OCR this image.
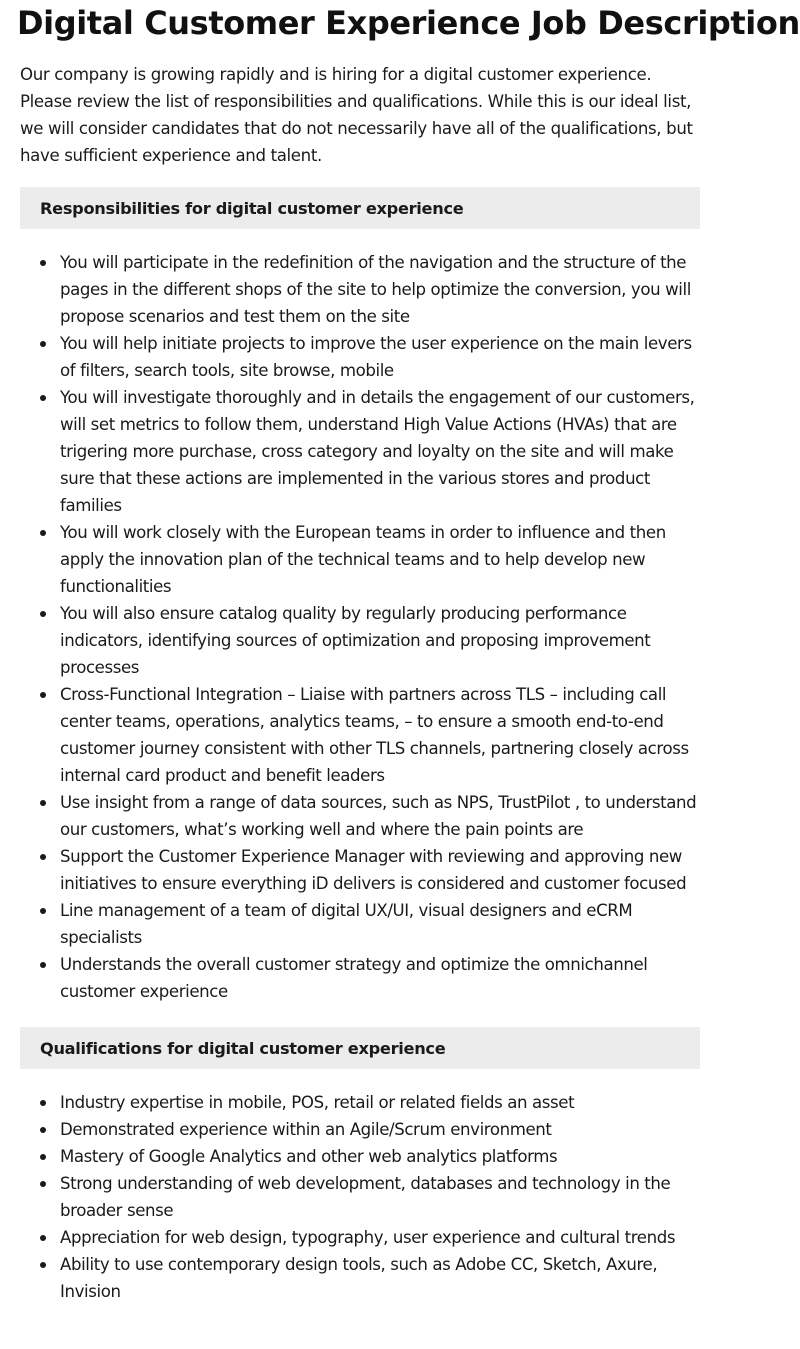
Digital Customer Experience Job Description

Our company is growing rapidly and is hiring for a digital customer experience. Please review the list of responsibilities and qualifications. While this is our ideal list, we will consider candidates that do not necessarily have all of the qualifications, but have sufficient experience and talent.

Responsibilities for digital customer experience
You will participate in the redefinition of the navigation and the structure of the pages in the different shops of the site to help optimize the conversion, you will propose scenarios and test them on the site
You will help initiate projects to improve the user experience on the main levers of filters, search tools, site browse, mobile
You will investigate thoroughly and in details the engagement of our customers, will set metrics to follow them, understand High Value Actions (HVAs) that are trigering more purchase, cross category and loyalty on the site and will make sure that these actions are implemented in the various stores and product families
You will work closely with the European teams in order to influence and then apply the innovation plan of the technical teams and to help develop new functionalities
You will also ensure catalog quality by regularly producing performance indicators, identifying sources of optimization and proposing improvement processes
Cross-Functional Integration – Liaise with partners across TLS – including call center teams, operations, analytics teams, – to ensure a smooth end-to-end customer journey consistent with other TLS channels, partnering closely across internal card product and benefit leaders
Use insight from a range of data sources, such as NPS, TrustPilot , to understand our customers, what’s working well and where the pain points are
Support the Customer Experience Manager with reviewing and approving new initiatives to ensure everything iD delivers is considered and customer focused
Line management of a team of digital UX/UI, visual designers and eCRM specialists
Understands the overall customer strategy and optimize the omnichannel customer experience
Qualifications for digital customer experience
Industry expertise in mobile, POS, retail or related fields an asset
Demonstrated experience within an Agile/Scrum environment
Mastery of Google Analytics and other web analytics platforms
Strong understanding of web development, databases and technology in the broader sense
Appreciation for web design, typography, user experience and cultural trends
Ability to use contemporary design tools, such as Adobe CC, Sketch, Axure, Invision
